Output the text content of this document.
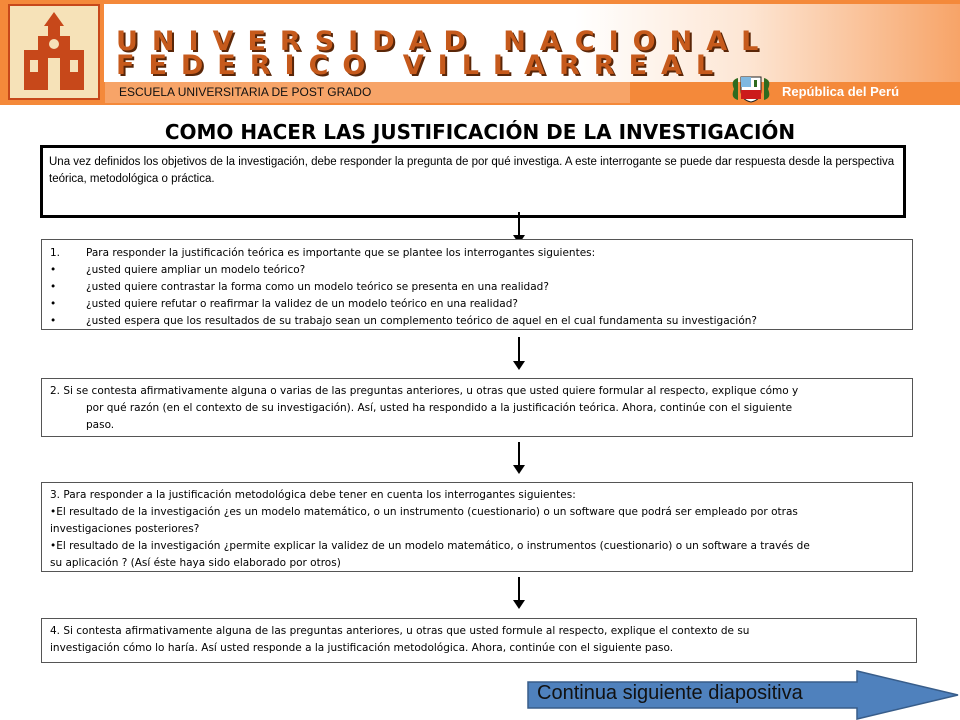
UNIVERSIDAD NACIONAL
FEDERICO VILLARREAL
ESCUELA UNIVERSITARIA DE POST GRADO	República del Perú
COMO HACER LAS JUSTIFICACIÓN DE LA INVESTIGACIÓN
Una vez definidos los objetivos de la investigación, debe responder la pregunta de por qué investiga. A este interrogante se puede dar respuesta desde la perspectiva teórica, metodológica o práctica.
1.	Para responder la justificación teórica es importante que se plantee los interrogantes siguientes:
•	¿usted quiere ampliar un modelo teórico?
•	¿usted quiere contrastar la forma como un modelo teórico se presenta en una realidad?
•	¿usted quiere refutar o reafirmar la validez de un modelo teórico en una realidad?
•	¿usted espera que los resultados de su trabajo sean un complemento teórico de aquel en el cual fundamenta su investigación?
2. Si se contesta afirmativamente alguna o varias de las preguntas anteriores, u otras que usted quiere formular al respecto, explique cómo y
por qué razón (en el contexto de su investigación). Así, usted ha respondido a la justificación teórica. Ahora, continúe con el siguiente
paso.
3. Para responder a la justificación metodológica debe tener en cuenta los interrogantes siguientes:
•El resultado de la investigación ¿es un modelo matemático, o un instrumento (cuestionario) o un software que podrá ser empleado por otras
investigaciones posteriores?
•El resultado de la investigación ¿permite explicar la validez de un modelo matemático, o instrumentos (cuestionario) o un software a través de
su aplicación ? (Así éste haya sido elaborado por otros)
4. Si contesta afirmativamente alguna de las preguntas anteriores, u otras que usted formule al respecto, explique el contexto de su
investigación cómo lo haría. Así usted responde a la justificación metodológica. Ahora, continúe con el siguiente paso.
Continua siguiente diapositiva
